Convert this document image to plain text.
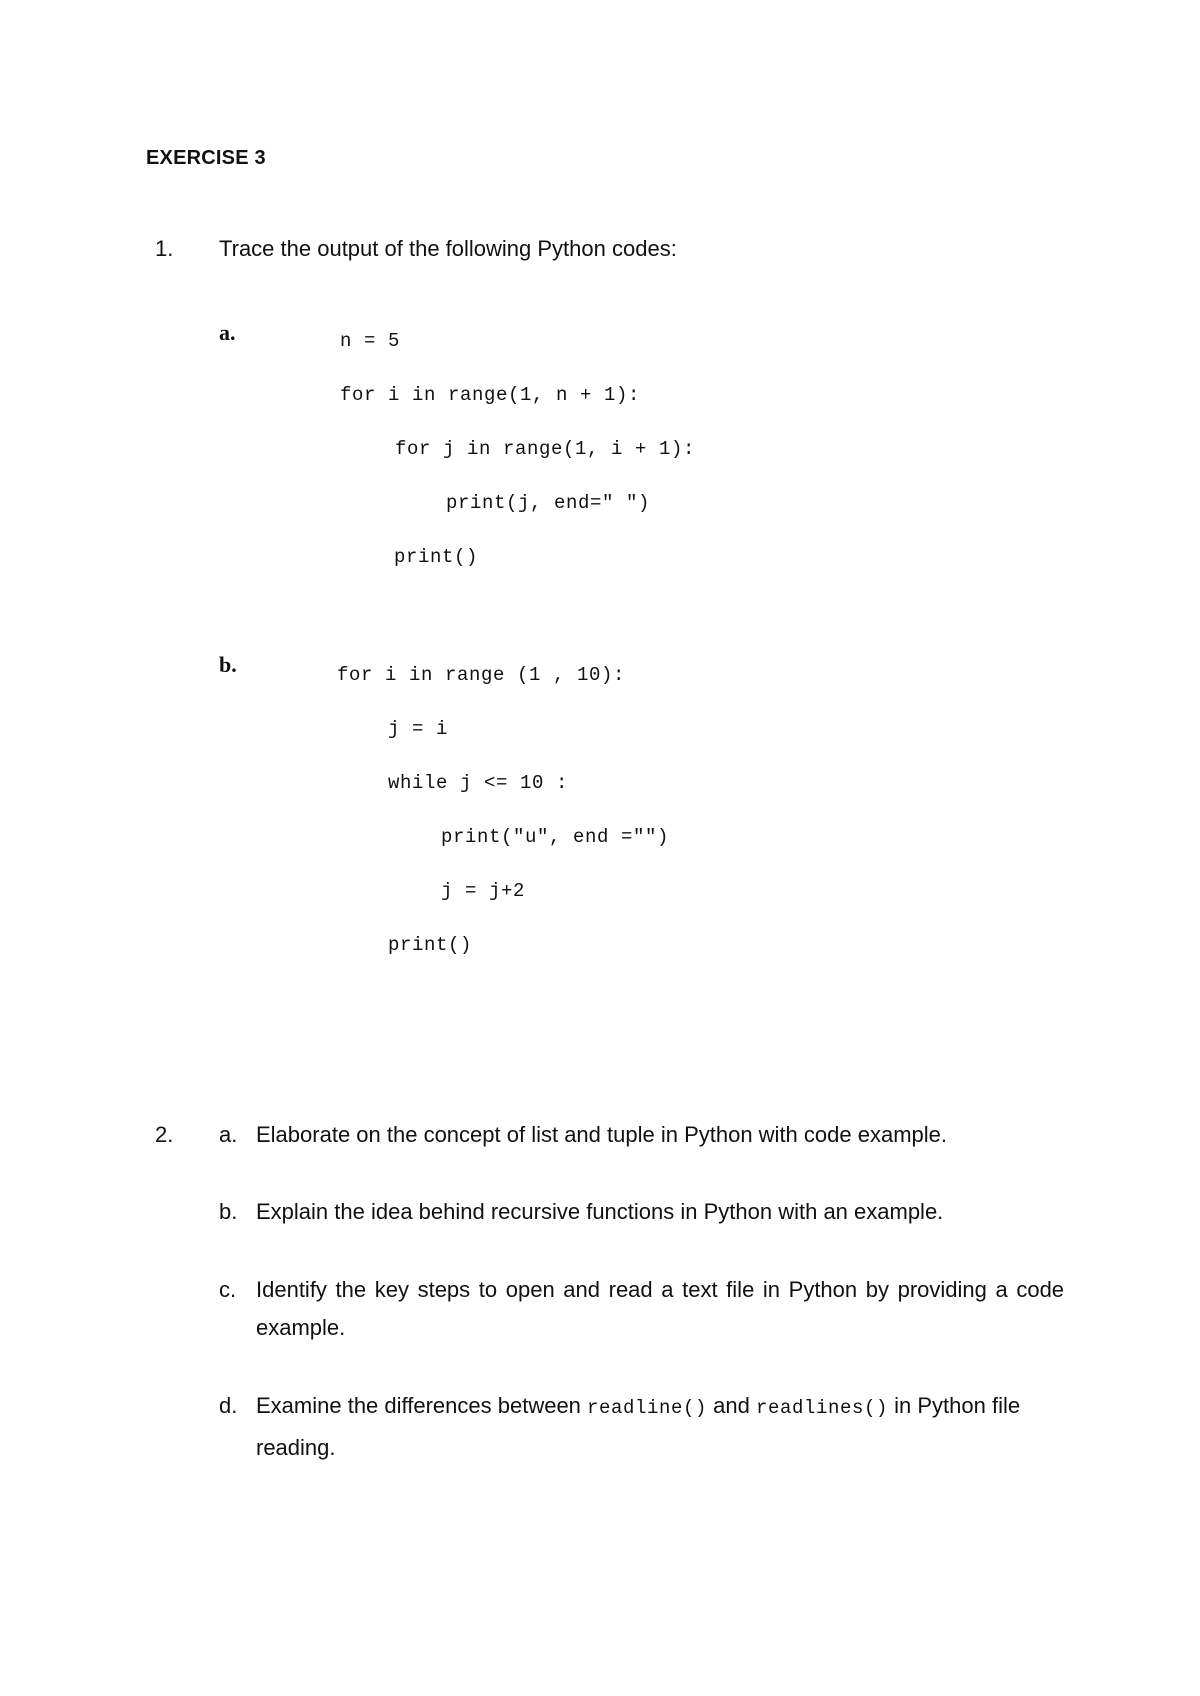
EXERCISE 3
1. Trace the output of the following Python codes:
a.	n = 5
for i in range(1, n + 1):
for j in range(1, i + 1):
print(j, end=" ")
print()
b.	for i in range (1 , 10):
j = i
while j <= 10 :
print("u", end ="")
j = j+2
print()
2. a. Elaborate on the concept of list and tuple in Python with code example.
b. Explain the idea behind recursive functions in Python with an example.
c. Identify the key steps to open and read a text file in Python by providing a code
example.
d. Examine the differences between readline() and readlines() in Python file
reading.
